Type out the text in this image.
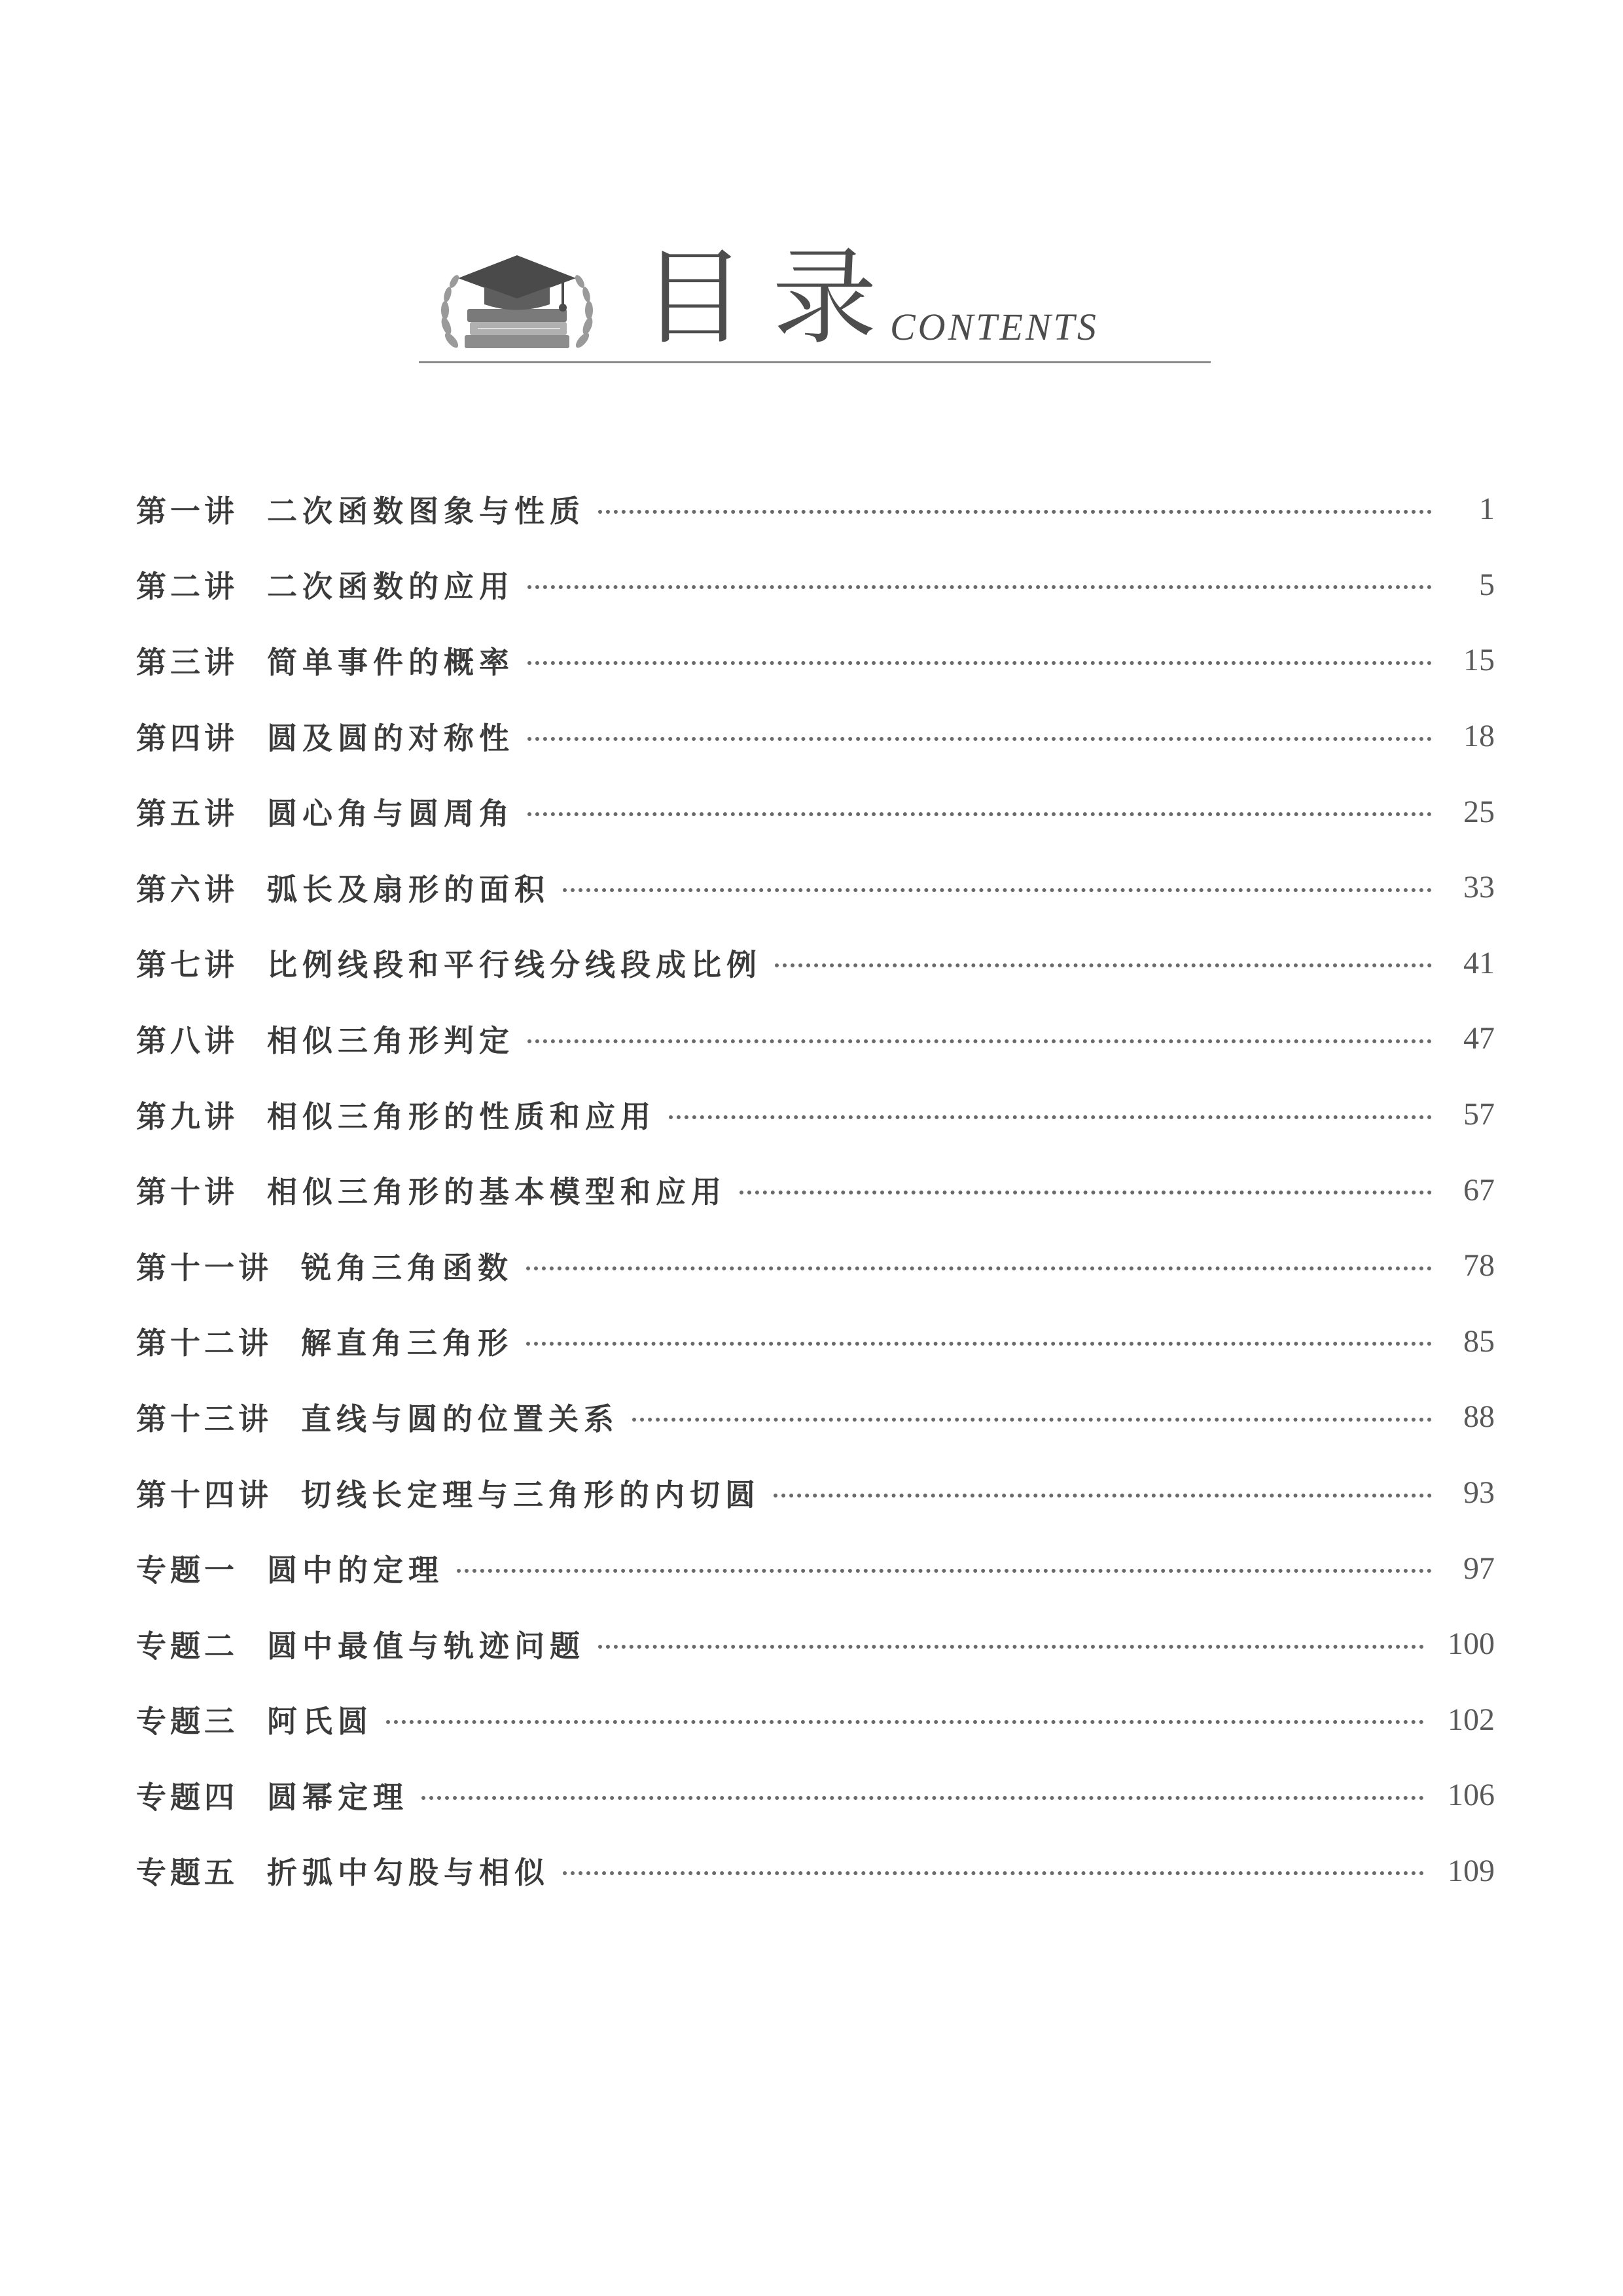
目录
CONTENTS
第一讲 二次函数图象与性质	1
第二讲 二次函数的应用	5
第三讲 简单事件的概率	15
第四讲 圆及圆的对称性	18
第五讲 圆心角与圆周角	25
第六讲 弧长及扇形的面积	33
第七讲 比例线段和平行线分线段成比例	41
第八讲 相似三角形判定	47
第九讲 相似三角形的性质和应用	57
第十讲 相似三角形的基本模型和应用	67
第十一讲 锐角三角函数	78
第十二讲 解直角三角形	85
第十三讲 直线与圆的位置关系	88
第十四讲 切线长定理与三角形的内切圆	93
专题一 圆中的定理	97
专题二 圆中最值与轨迹问题	100
专题三 阿氏圆	102
专题四 圆幂定理	106
专题五 折弧中勾股与相似	109
